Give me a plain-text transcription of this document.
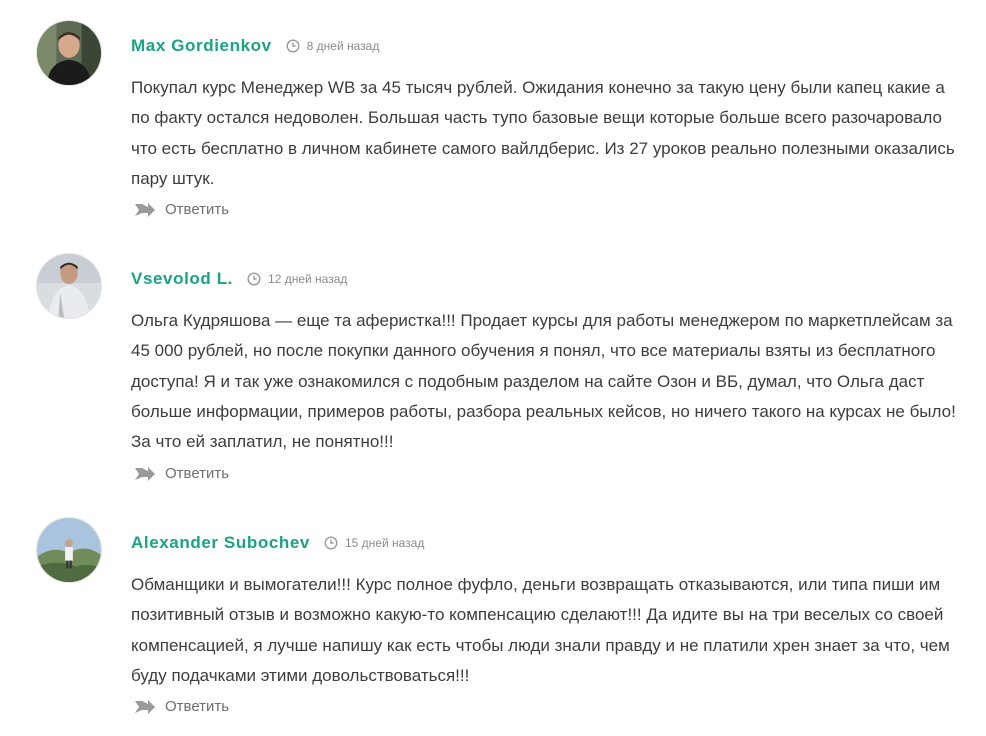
Max Gordienkov	8 дней назад

Покупал курс Менеджер WB за 45 тысяч рублей. Ожидания конечно за такую цену были капец какие а по факту остался недоволен. Большая часть тупо базовые вещи которые больше всего разочаровало что есть бесплатно в личном кабинете самого вайлдберис. Из 27 уроков реально полезными оказались пару штук.

Ответить
Vsevolod L.	12 дней назад

Ольга Кудряшова — еще та аферистка!!! Продает курсы для работы менеджером по маркетплейсам за 45 000 рублей, но после покупки данного обучения я понял, что все материалы взяты из бесплатного доступа! Я и так уже ознакомился с подобным разделом на сайте Озон и ВБ, думал, что Ольга даст больше информации, примеров работы, разбора реальных кейсов, но ничего такого на курсах не было! За что ей заплатил, не понятно!!!

Ответить
Alexander Subochev	15 дней назад

Обманщики и вымогатели!!! Курс полное фуфло, деньги возвращать отказываются, или типа пиши им позитивный отзыв и возможно какую-то компенсацию сделают!!! Да идите вы на три веселых со своей компенсацией, я лучше напишу как есть чтобы люди знали правду и не платили хрен знает за что, чем буду подачками этими довольствоваться!!!

Ответить
